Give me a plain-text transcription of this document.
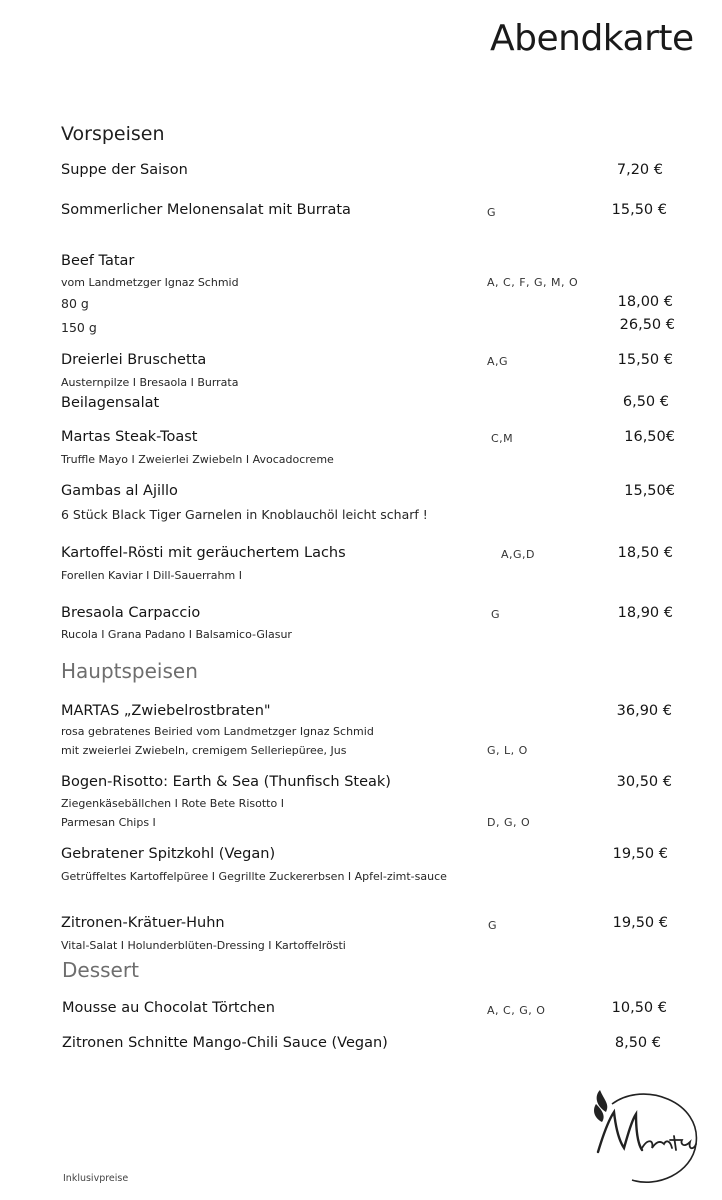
Abendkarte
Vorspeisen
Suppe der Saison	7,20 €
Sommerlicher Melonensalat mit Burrata	G	15,50 €
Beef Tatar
vom Landmetzger Ignaz Schmid	A, C, F, G, M, O
80 g	18,00 €
150 g	26,50 €
Dreierlei Bruschetta	A,G	15,50 €
Austernpilze I Bresaola I Burrata
Beilagensalat	6,50 €
Martas Steak-Toast	C,M	16,50€
Truffle Mayo I Zweierlei Zwiebeln I Avocadocreme
Gambas al Ajillo	15,50€
6 Stück Black Tiger Garnelen in Knoblauchöl leicht scharf !
Kartoffel-Rösti mit geräuchertem Lachs	A,G,D	18,50 €
Forellen Kaviar I Dill-Sauerrahm I
Bresaola Carpaccio	G	18,90 €
Rucola I Grana Padano I Balsamico-Glasur
Hauptspeisen
MARTAS „Zwiebelrostbraten"	36,90 €
rosa gebratenes Beiried vom Landmetzger Ignaz Schmid
mit zweierlei Zwiebeln, cremigem Selleriepüree, Jus	G, L, O
Bogen-Risotto: Earth & Sea (Thunfisch Steak)	30,50 €
Ziegenkäsebällchen I Rote Bete Risotto I
Parmesan Chips I	D, G, O
Gebratener Spitzkohl (Vegan)	19,50 €
Getrüffeltes Kartoffelpüree I Gegrillte Zuckererbsen I Apfel-zimt-sauce
Zitronen-Krätuer-Huhn	G	19,50 €
Vital-Salat I Holunderblüten-Dressing I Kartoffelrösti
Dessert
Mousse au Chocolat Törtchen	A, C, G, O	10,50 €
Zitronen Schnitte Mango-Chili Sauce (Vegan)	8,50 €
Inklusivpreise
